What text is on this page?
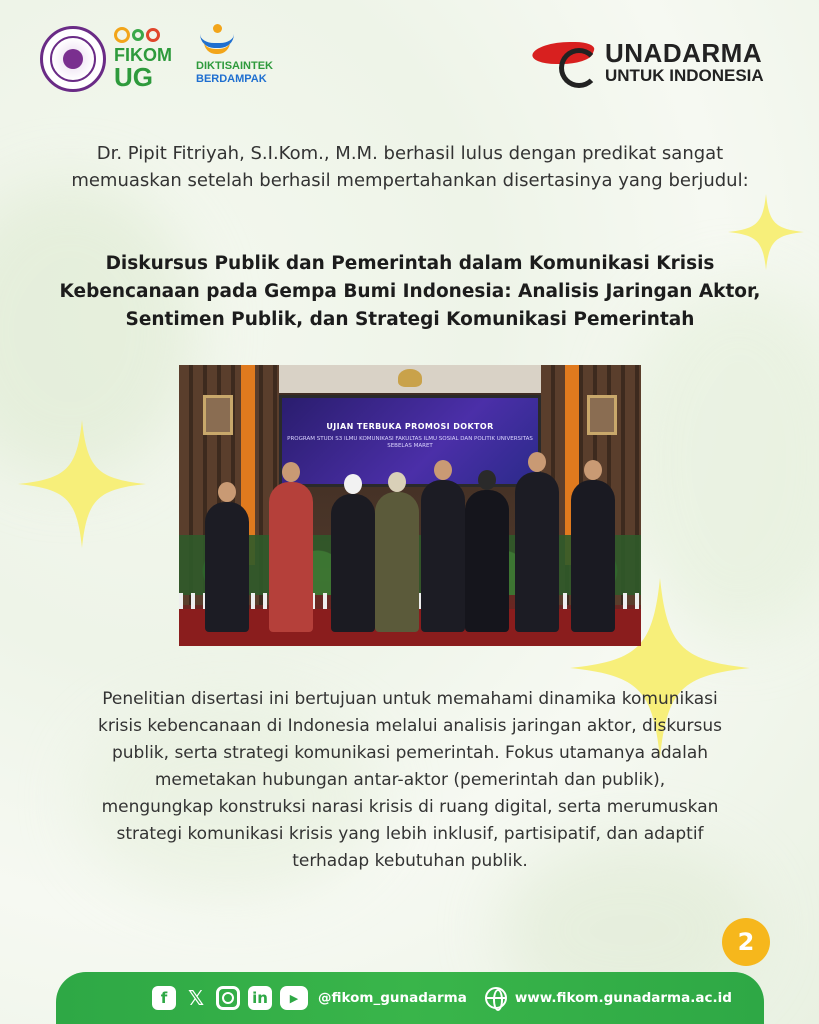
FIKOM
UG	DIKTISAINTEK
BERDAMPAK
UNADARMA
UNTUK INDONESIA

Dr. Pipit Fitriyah, S.I.Kom., M.M. berhasil lulus dengan predikat sangat memuaskan setelah berhasil mempertahankan disertasinya yang berjudul:

Diskursus Publik dan Pemerintah dalam Komunikasi Krisis Kebencanaan pada Gempa Bumi Indonesia: Analisis Jaringan Aktor, Sentimen Publik, dan Strategi Komunikasi Pemerintah
UJIAN TERBUKA PROMOSI DOKTOR
PROGRAM STUDI S3 ILMU KOMUNIKASI FAKULTAS ILMU SOSIAL DAN POLITIK UNIVERSITAS SEBELAS MARET

Penelitian disertasi ini bertujuan untuk memahami dinamika komunikasi krisis kebencanaan di Indonesia melalui analisis jaringan aktor, diskursus publik, serta strategi komunikasi pemerintah. Fokus utamanya adalah memetakan hubungan antar-aktor (pemerintah dan publik), mengungkap konstruksi narasi krisis di ruang digital, serta merumuskan strategi komunikasi krisis yang lebih inklusif, partisipatif, dan adaptif terhadap kebutuhan publik.

2
f	𝕏	in	▶	@fikom_gunadarma	www.fikom.gunadarma.ac.id
